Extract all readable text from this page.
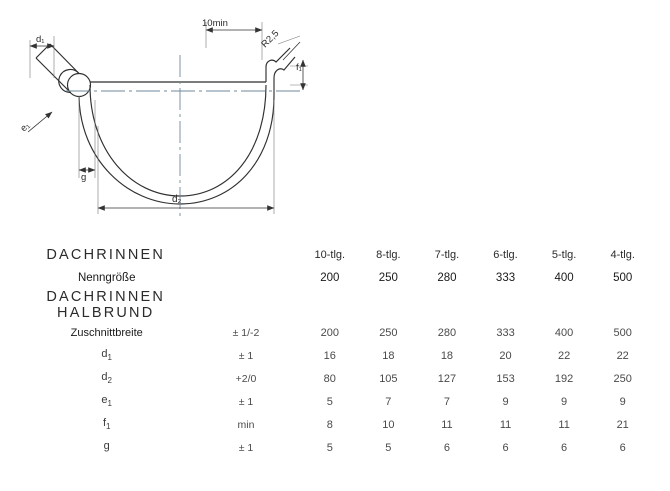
d₁
g
d₂
10min
f₁
R2,5
e₁
DACHRINNEN		10-tlg.	8-tlg.	7-tlg.	6-tlg.	5-tlg.	4-tlg.
Nenngröße		200	250	280	333	400	500
DACHRINNEN HALBRUND							
Zuschnittbreite	± 1/-2	200	250	280	333	400	500
$d_1$	± 1	16	18	18	20	22	22
$d_2$	+2/0	80	105	127	153	192	250
$e_1$	± 1	5	7	7	9	9	9
$f_1$	min	8	10	11	11	11	21
g	± 1	5	5	6	6	6	6
